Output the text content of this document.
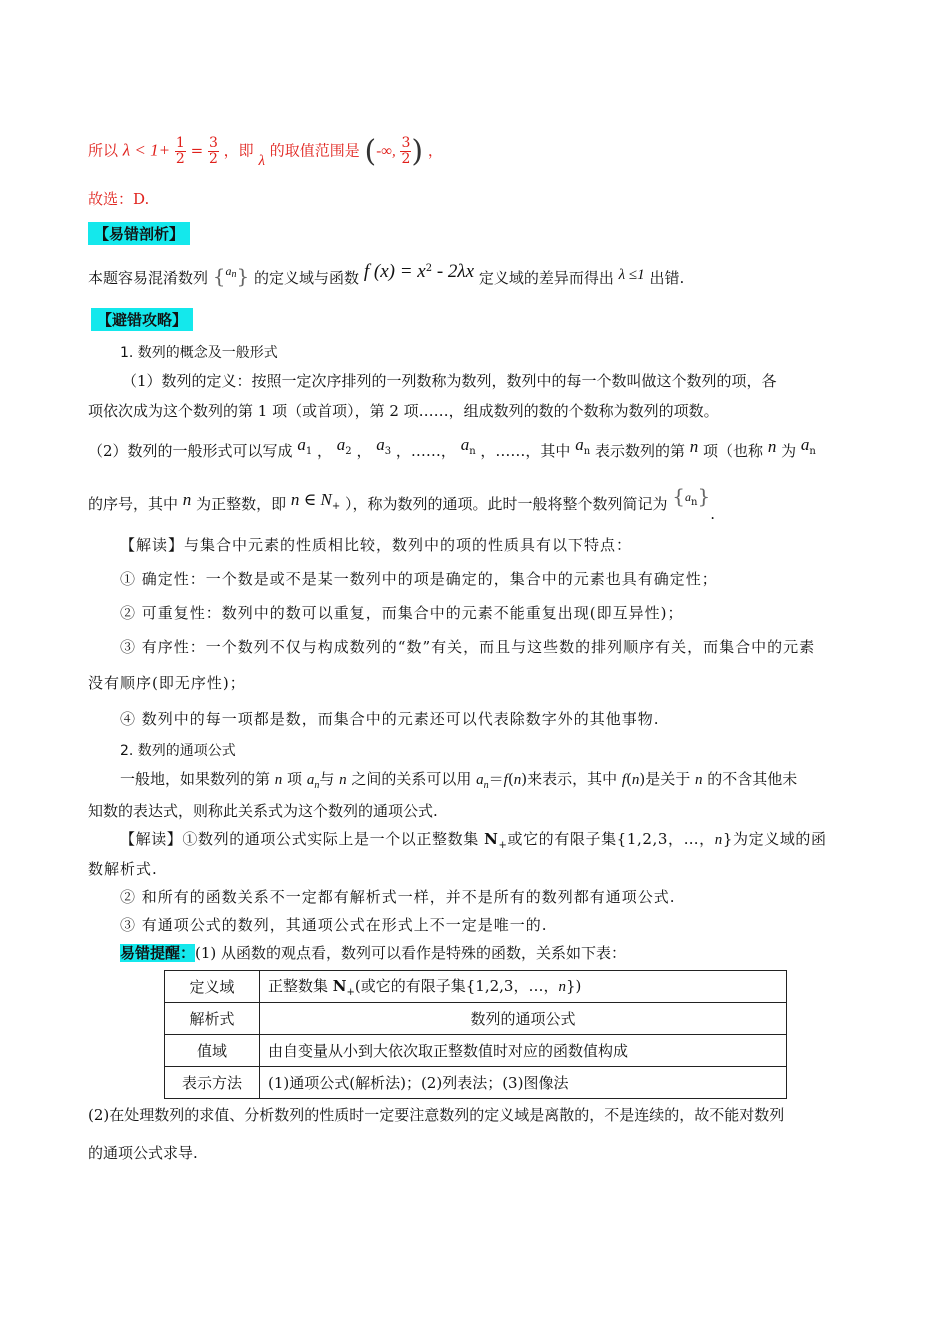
所以 $\lambda < 1+ \frac{1}{2} = \frac{3}{2}$ ，即 λ 的取值范围是 (-∞, $\frac{3}{2}$ ) ，
故选：D.
【易错剖析】
本题容易混淆数列 {$^{an}$} 的定义域与函数 f $(x) = x^2 - 2\lambda x$ 定义域的差异而得出 λ ≤1 出错.
【避错攻略】
1. 数列的概念及一般形式
（1）数列的定义：按照一定次序排列的一列数称为数列，数列中的每一个数叫做这个数列的项，各
项依次成为这个数列的第 1 项（或首项），第 2 项……，组成数列的数的个数称为数列的项数。
（2）数列的一般形式可以写成 $a_1$ ， $a_2$ ， $a_3$ ，……， $a_n$ ，……，其中 $a_n$ 表示数列的第 n 项（也称 n 为 $a_n$
的序号，其中 n 为正整数，即 n ∈ $N_+$ ），称为数列的通项。此时一般将整个数列简记为 $\{a_n\}$.
【解读】与集合中元素的性质相比较，数列中的项的性质具有以下特点：
① 确定性：一个数是或不是某一数列中的项是确定的，集合中的元素也具有确定性；
② 可重复性：数列中的数可以重复，而集合中的元素不能重复出现(即互异性)；
③ 有序性：一个数列不仅与构成数列的“数”有关，而且与这些数的排列顺序有关，而集合中的元素
没有顺序(即无序性)；
④ 数列中的每一项都是数，而集合中的元素还可以代表除数字外的其他事物.
2. 数列的通项公式
一般地，如果数列的第 n 项 $a_n$与 n 之间的关系可以用 $a_n=f(n)$来表示，其中 f(n)是关于 n 的不含其他未
知数的表达式，则称此关系式为这个数列的通项公式.
【解读】①数列的通项公式实际上是一个以正整数集 $N_+$或它的有限子集{1,2,3，…，n}为定义域的函
数解析式.
② 和所有的函数关系不一定都有解析式一样，并不是所有的数列都有通项公式.
③ 有通项公式的数列，其通项公式在形式上不一定是唯一的.
易错提醒：(1) 从函数的观点看，数列可以看作是特殊的函数，关系如下表：
定义域	正整数集 $N_+$(或它的有限子集{1,2,3，…，n})
解析式	数列的通项公式
值域	由自变量从小到大依次取正整数值时对应的函数值构成
表示方法	(1)通项公式(解析法)；(2)列表法；(3)图像法
(2)在处理数列的求值、分析数列的性质时一定要注意数列的定义域是离散的，不是连续的，故不能对数列
的通项公式求导.
